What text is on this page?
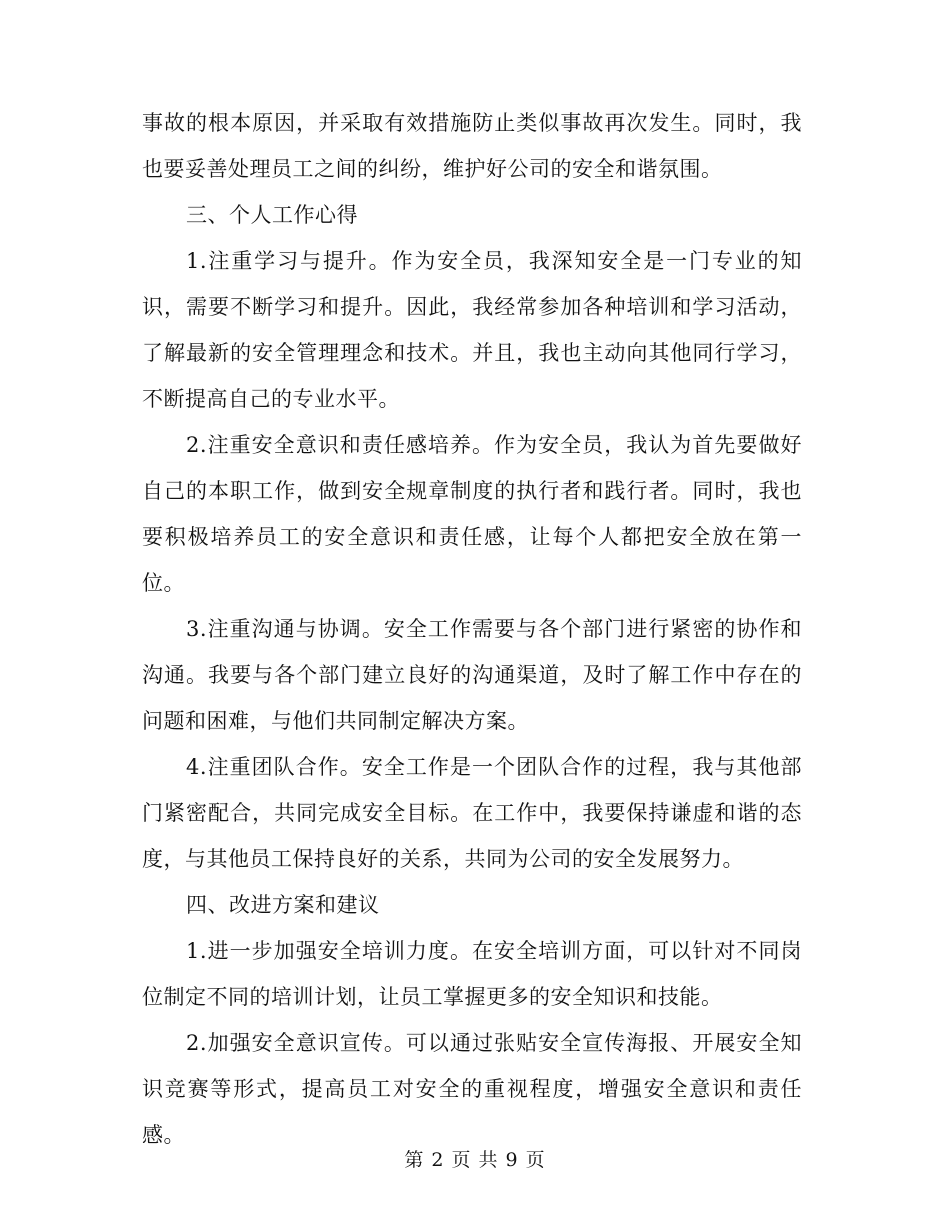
事故的根本原因，并采取有效措施防止类似事故再次发生。同时，我也要妥善处理员工之间的纠纷，维护好公司的安全和谐氛围。

三、个人工作心得

1.注重学习与提升。作为安全员，我深知安全是一门专业的知识，需要不断学习和提升。因此，我经常参加各种培训和学习活动，了解最新的安全管理理念和技术。并且，我也主动向其他同行学习，不断提高自己的专业水平。

2.注重安全意识和责任感培养。作为安全员，我认为首先要做好自己的本职工作，做到安全规章制度的执行者和践行者。同时，我也要积极培养员工的安全意识和责任感，让每个人都把安全放在第一位。

3.注重沟通与协调。安全工作需要与各个部门进行紧密的协作和沟通。我要与各个部门建立良好的沟通渠道，及时了解工作中存在的问题和困难，与他们共同制定解决方案。

4.注重团队合作。安全工作是一个团队合作的过程，我与其他部门紧密配合，共同完成安全目标。在工作中，我要保持谦虚和谐的态度，与其他员工保持良好的关系，共同为公司的安全发展努力。

四、改进方案和建议

1.进一步加强安全培训力度。在安全培训方面，可以针对不同岗位制定不同的培训计划，让员工掌握更多的安全知识和技能。

2.加强安全意识宣传。可以通过张贴安全宣传海报、开展安全知识竞赛等形式，提高员工对安全的重视程度，增强安全意识和责任感。

第 2 页 共 9 页
